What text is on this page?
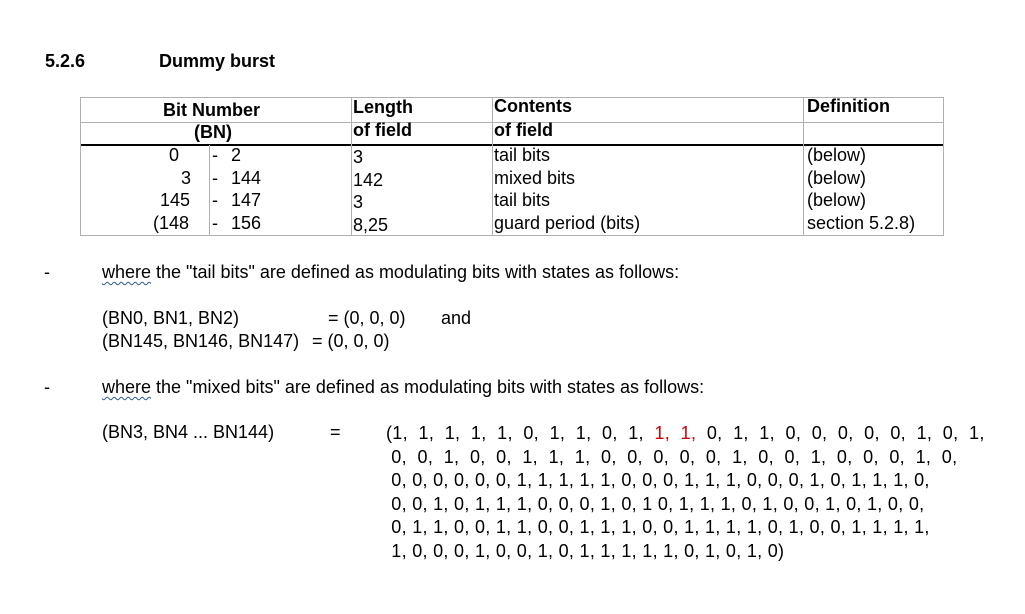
5.2.6	Dummy burst
Bit Number
(BN)
Length
of field
Contents
of field
Definition
0 - 2	3	tail bits	(below)
3 - 144	142	mixed bits	(below)
145 - 147	3	tail bits	(below)
(148 - 156	8,25	guard period (bits)	section 5.2.8)
-	where the "tail bits" are defined as modulating bits with states as follows:
(BN0, BN1, BN2)	= (0, 0, 0) and
(BN145, BN146, BN147) = (0, 0, 0)
-	where the "mixed bits" are defined as modulating bits with states as follows:
(BN3, BN4 ... BN144)	=	(1,  1,  1,  1,  1,  0,  1,  1,  0,  1,  1,  1,  0,  1,  1,  0,  0,  0,  0,  0,  1,  0,  1,
0,  0,  1,  0,  0,  1,  1,  1,  0,  0,  0,  0,  0,  1,  0,  0,  1,  0,  0,  0,  1,  0,
0, 0, 0, 0, 0, 0, 1, 1, 1, 1, 1, 0, 0, 0, 1, 1, 1, 0, 0, 0, 1, 0, 1, 1, 1, 0,
0, 0, 1, 0, 1, 1, 1, 0, 0, 0, 1, 0, 1 0, 1, 1, 1, 0, 1, 0, 0, 1, 0, 1, 0, 0,
0, 1, 1, 0, 0, 1, 1, 0, 0, 1, 1, 1, 0, 0, 1, 1, 1, 1, 0, 1, 0, 0, 1, 1, 1, 1,
1, 0, 0, 0, 1, 0, 0, 1, 0, 1, 1, 1, 1, 1, 0, 1, 0, 1, 0)
